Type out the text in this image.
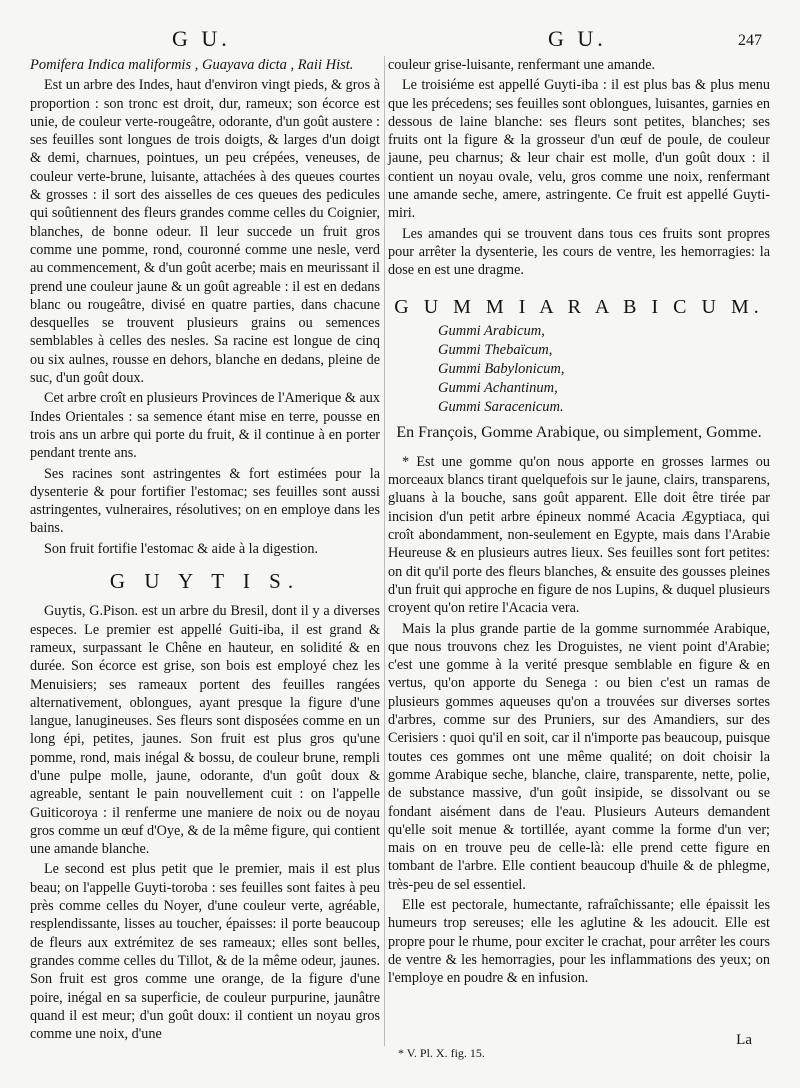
G U.	G U.	247

Pomifera Indica maliformis , Guayava dicta , Raii Hist.

Est un arbre des Indes, haut d'environ vingt pieds, & gros à proportion : son tronc est droit, dur, rameux; son écorce est unie, de couleur verte-rougeâtre, odorante, d'un goût austere : ses feuilles sont longues de trois doigts, & larges d'un doigt & demi, charnues, pointues, un peu crépées, veneuses, de couleur verte-brune, luisante, attachées à des queues courtes & grosses : il sort des aisselles de ces queues des pedicules qui soûtiennent des fleurs grandes comme celles du Coignier, blanches, de bonne odeur. Il leur succede un fruit gros comme une pomme, rond, couronné comme une nesle, verd au commencement, & d'un goût acerbe; mais en meurissant il prend une couleur jaune & un goût agreable : il est en dedans blanc ou rougeâtre, divisé en quatre parties, dans chacune desquelles se trouvent plusieurs grains ou semences semblables à celles des nesles. Sa racine est longue de cinq ou six aulnes, rousse en dehors, blanche en dedans, pleine de suc, d'un goût doux.

Cet arbre croît en plusieurs Provinces de l'Amerique & aux Indes Orientales : sa semence étant mise en terre, pousse en trois ans un arbre qui porte du fruit, & il continue à en porter pendant trente ans.

Ses racines sont astringentes & fort estimées pour la dysenterie & pour fortifier l'estomac; ses feuilles sont aussi astringentes, vulneraires, résolutives; on en employe dans les bains.

Son fruit fortifie l'estomac & aide à la digestion.

G U Y T I S.

Guytis, G.Pison. est un arbre du Bresil, dont il y a diverses especes. Le premier est appellé Guiti-iba, il est grand & rameux, surpassant le Chêne en hauteur, en solidité & en durée. Son écorce est grise, son bois est employé chez les Menuisiers; ses rameaux portent des feuilles rangées alternativement, oblongues, ayant presque la figure d'une langue, lanugineuses. Ses fleurs sont disposées comme en un long épi, petites, jaunes. Son fruit est plus gros qu'une pomme, rond, mais inégal & bossu, de couleur brune, rempli d'une pulpe molle, jaune, odorante, d'un goût doux & agreable, sentant le pain nouvellement cuit : on l'appelle Guiticoroya : il renferme une maniere de noix ou de noyau gros comme un œuf d'Oye, & de la même figure, qui contient une amande blanche.

Le second est plus petit que le premier, mais il est plus beau; on l'appelle Guyti-toroba : ses feuilles sont faites à peu près comme celles du Noyer, d'une couleur verte, agréable, resplendissante, lisses au toucher, épaisses: il porte beaucoup de fleurs aux extrémitez de ses rameaux; elles sont belles, grandes comme celles du Tillot, & de la même odeur, jaunes. Son fruit est gros comme une orange, de la figure d'une poire, inégal en sa superficie, de couleur purpurine, jaunâtre quand il est meur; d'un goût doux: il contient un noyau gros comme une noix, d'une

couleur grise-luisante, renfermant une amande.

Le troisiéme est appellé Guyti-iba : il est plus bas & plus menu que les précedens; ses feuilles sont oblongues, luisantes, garnies en dessous de laine blanche: ses fleurs sont petites, blanches; ses fruits ont la figure & la grosseur d'un œuf de poule, de couleur jaune, peu charnus; & leur chair est molle, d'un goût doux : il contient un noyau ovale, velu, gros comme une noix, renfermant une amande seche, amere, astringente. Ce fruit est appellé Guyti-miri.

Les amandes qui se trouvent dans tous ces fruits sont propres pour arrêter la dysenterie, les cours de ventre, les hemorragies: la dose en est une dragme.

G U M M I A R A B I C U M.
Gummi Arabicum,
Gummi Thebaïcum,
Gummi Babylonicum,
Gummi Achantinum,
Gummi Saracenicum.

En François, Gomme Arabique, ou simplement, Gomme.

* Est une gomme qu'on nous apporte en grosses larmes ou morceaux blancs tirant quelquefois sur le jaune, clairs, transparens, gluans à la bouche, sans goût apparent. Elle doit être tirée par incision d'un petit arbre épineux nommé Acacia Ægyptiaca, qui croît abondamment, non-seulement en Egypte, mais dans l'Arabie Heureuse & en plusieurs autres lieux. Ses feuilles sont fort petites: on dit qu'il porte des fleurs blanches, & ensuite des gousses pleines d'un fruit qui approche en figure de nos Lupins, & duquel plusieurs croyent qu'on retire l'Acacia vera.

Mais la plus grande partie de la gomme surnommée Arabique, que nous trouvons chez les Droguistes, ne vient point d'Arabie; c'est une gomme à la verité presque semblable en figure & en vertus, qu'on apporte du Senega : ou bien c'est un ramas de plusieurs gommes aqueuses qu'on a trouvées sur diverses sortes d'arbres, comme sur des Pruniers, sur des Amandiers, sur des Cerisiers : quoi qu'il en soit, car il n'importe pas beaucoup, puisque toutes ces gommes ont une même qualité; on doit choisir la gomme Arabique seche, blanche, claire, transparente, nette, polie, de substance massive, d'un goût insipide, se dissolvant ou se fondant aisément dans de l'eau. Plusieurs Auteurs demandent qu'elle soit menue & tortillée, ayant comme la forme d'un ver; mais on en trouve peu de celle-là: elle prend cette figure en tombant de l'arbre. Elle contient beaucoup d'huile & de phlegme, très-peu de sel essentiel.

Elle est pectorale, humectante, rafraîchissante; elle épaissit les humeurs trop sereuses; elle les aglutine & les adoucit. Elle est propre pour le rhume, pour exciter le crachat, pour arrêter les cours de ventre & les hemorragies, pour les inflammations des yeux; on l'employe en poudre & en infusion.

La
* V. Pl. X. fig. 15.
